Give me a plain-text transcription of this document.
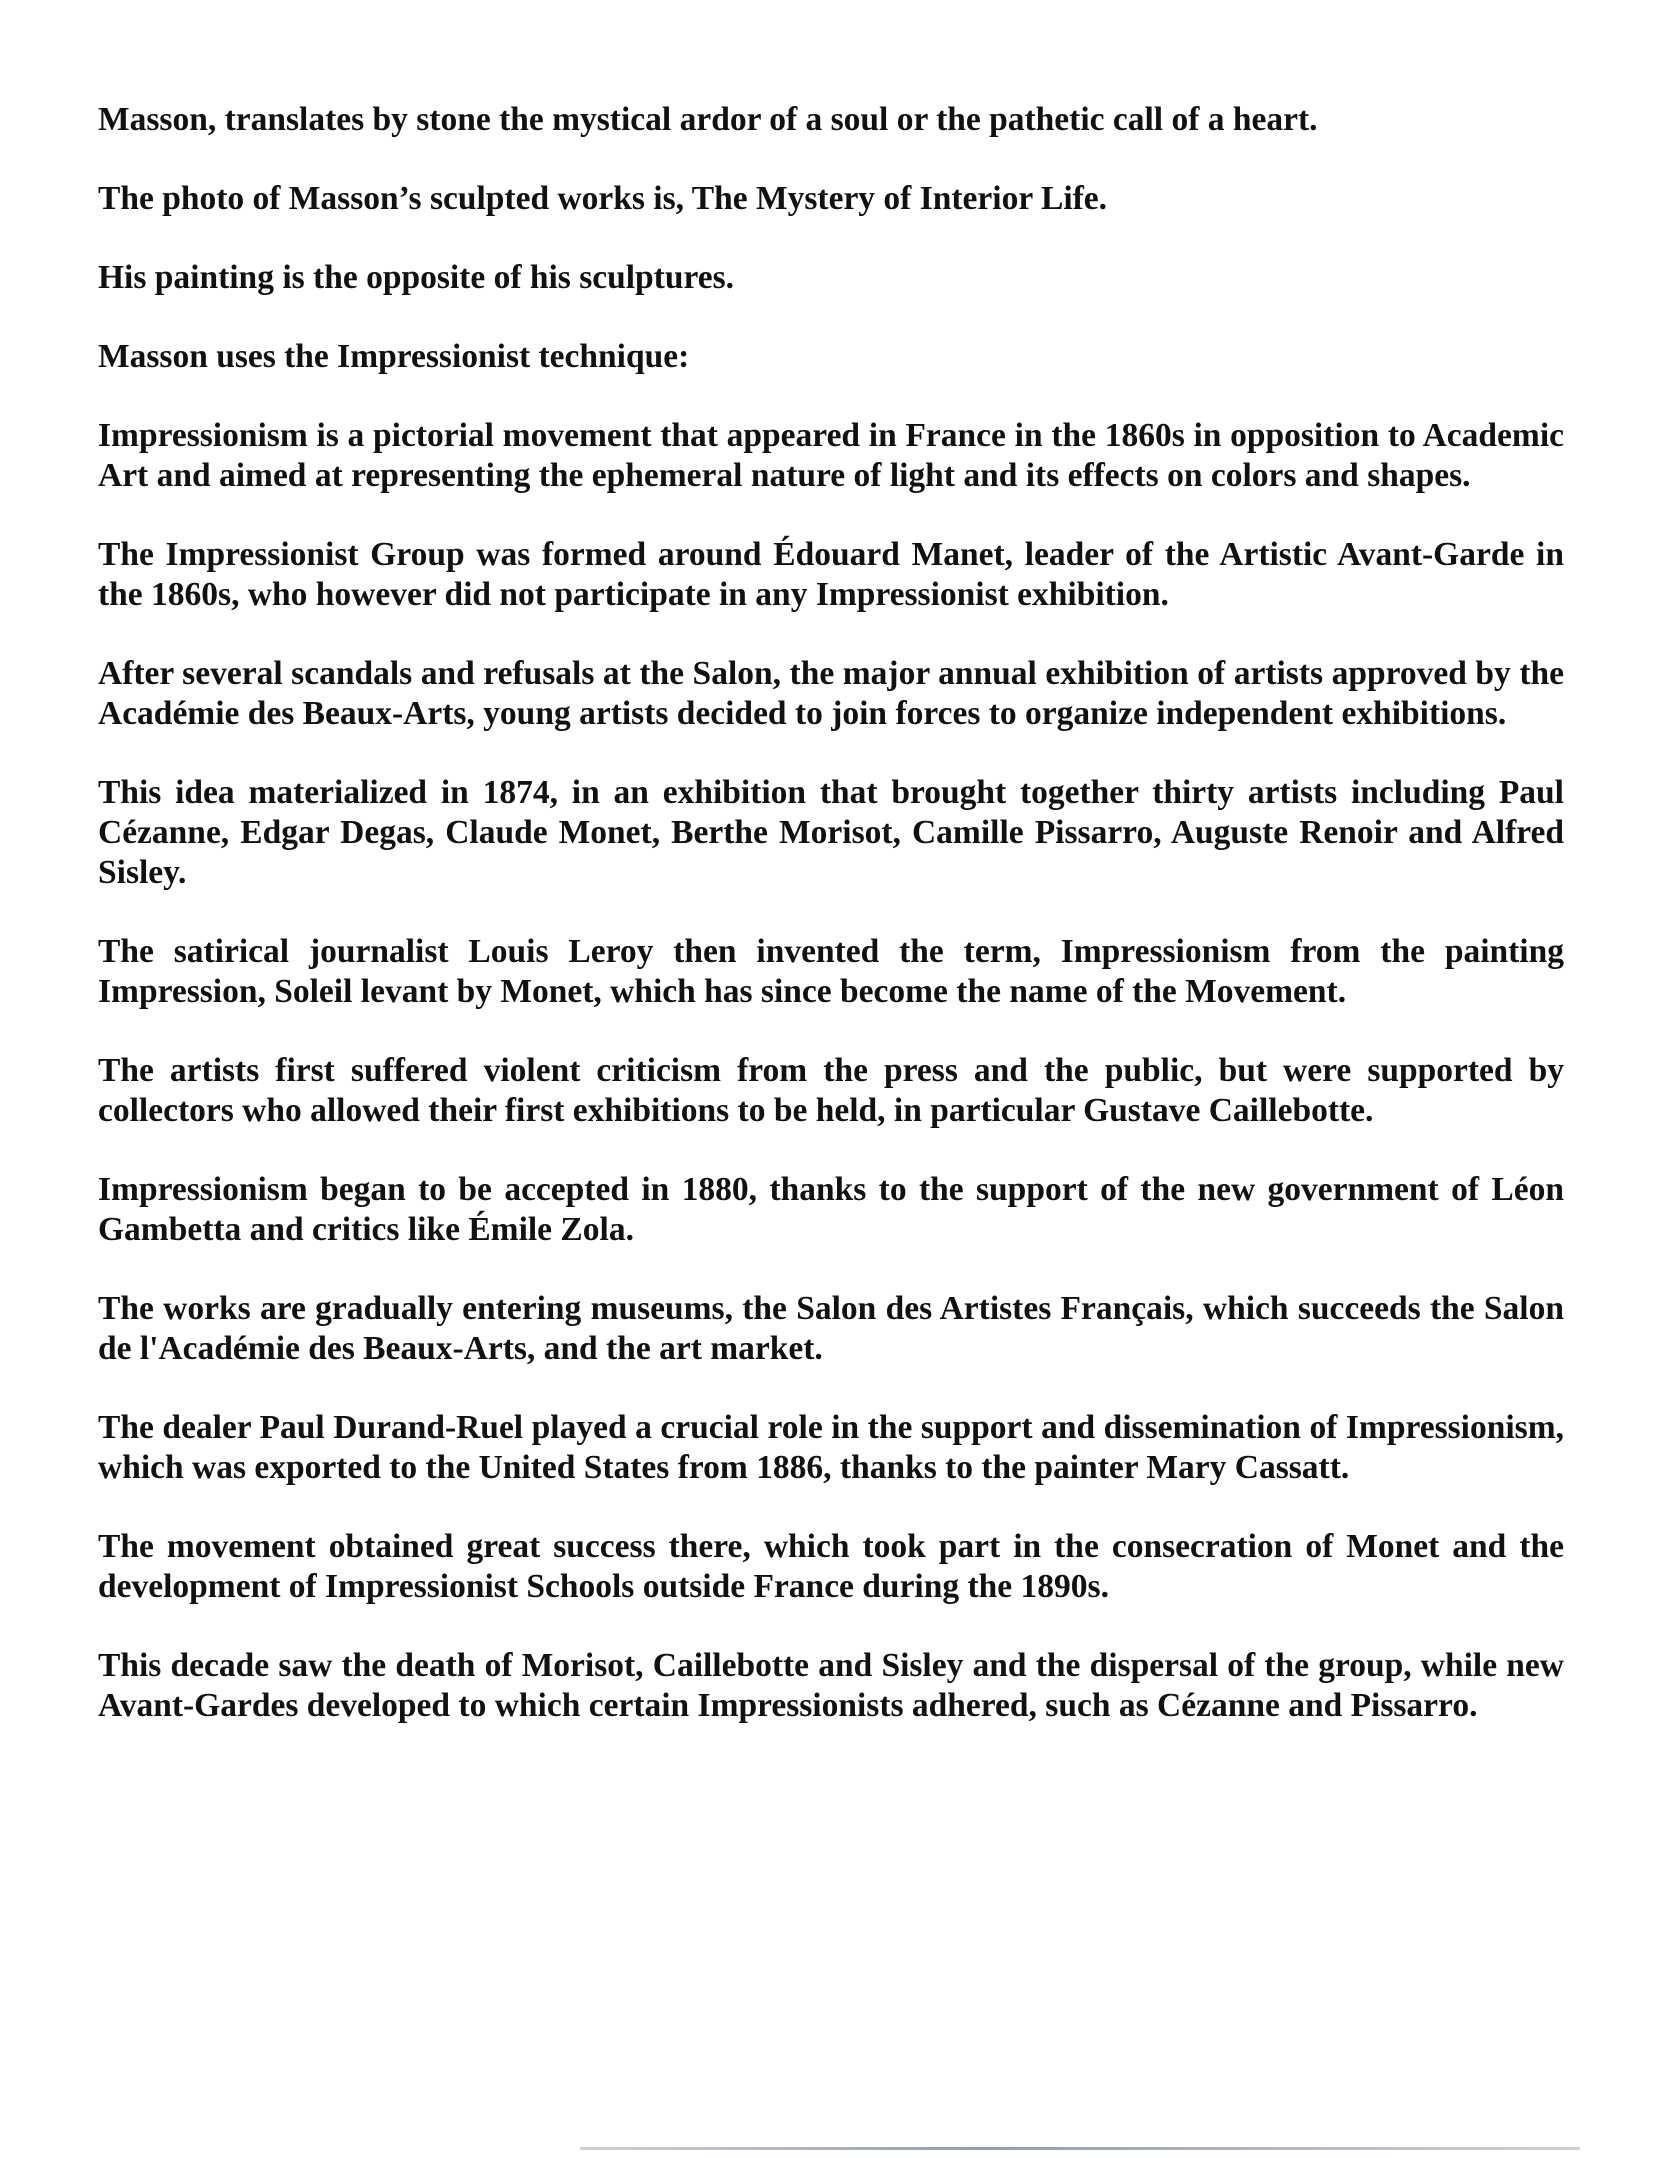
Masson, translates by stone the mystical ardor of a soul or the pathetic call of a heart.

The photo of Masson’s sculpted works is, The Mystery of Interior Life.

His painting is the opposite of his sculptures.

Masson uses the Impressionist technique:

Impressionism is a pictorial movement that appeared in France in the 1860s in opposition to Academic Art and aimed at representing the ephemeral nature of light and its effects on colors and shapes.

The Impressionist Group was formed around Édouard Manet, leader of the Artistic Avant-Garde in the 1860s, who however did not participate in any Impressionist exhibition.

After several scandals and refusals at the Salon, the major annual exhibition of artists approved by the Académie des Beaux-Arts, young artists decided to join forces to organize independent exhibitions.

This idea materialized in 1874, in an exhibition that brought together thirty artists including Paul Cézanne, Edgar Degas, Claude Monet, Berthe Morisot, Camille Pissarro, Auguste Renoir and Alfred Sisley.

The satirical journalist Louis Leroy then invented the term, Impressionism from the painting Impression, Soleil levant by Monet, which has since become the name of the Movement.

The artists first suffered violent criticism from the press and the public, but were supported by collectors who allowed their first exhibitions to be held, in particular Gustave Caillebotte.

Impressionism began to be accepted in 1880, thanks to the support of the new government of Léon Gambetta and critics like Émile Zola.

The works are gradually entering museums, the Salon des Artistes Français, which succeeds the Salon de l'Académie des Beaux-Arts, and the art market.

The dealer Paul Durand-Ruel played a crucial role in the support and dissemination of Impressionism, which was exported to the United States from 1886, thanks to the painter Mary Cassatt.

The movement obtained great success there, which took part in the consecration of Monet and the development of Impressionist Schools outside France during the 1890s.

This decade saw the death of Morisot, Caillebotte and Sisley and the dispersal of the group, while new Avant-Gardes developed to which certain Impressionists adhered, such as Cézanne and Pissarro.
